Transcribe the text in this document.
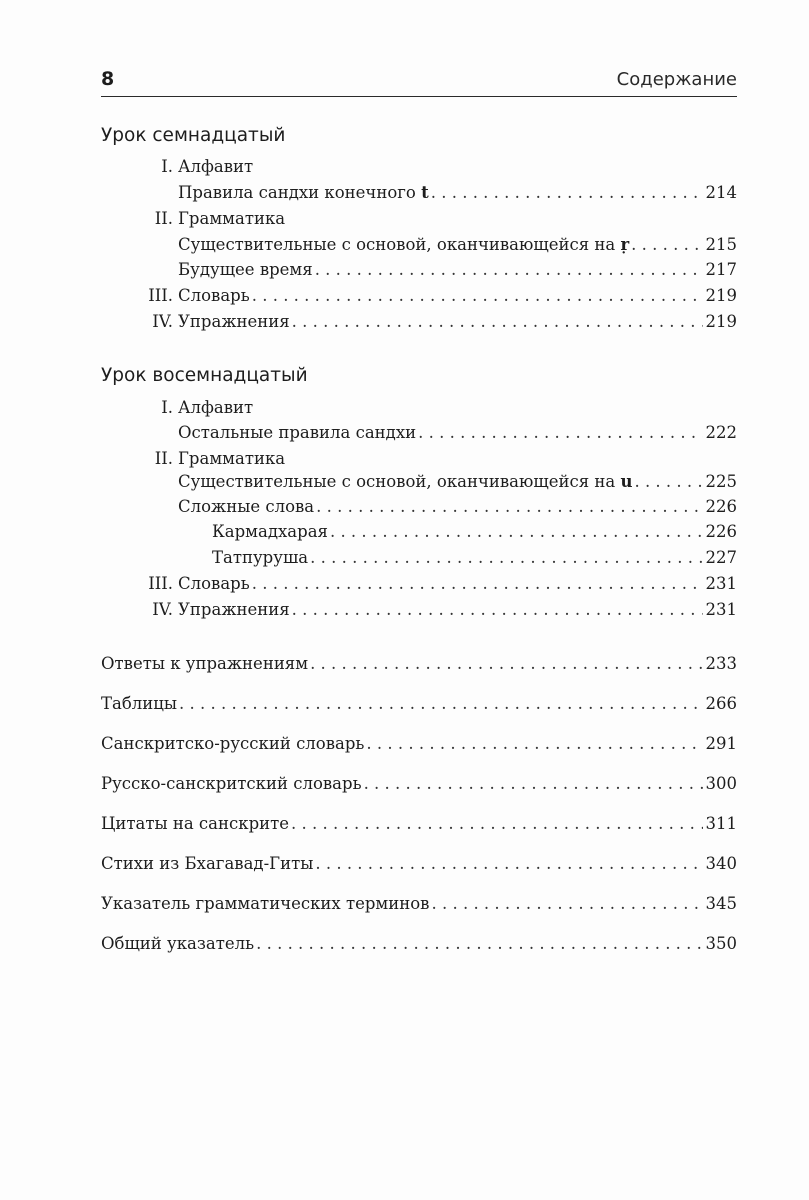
8	Содержание
Урок семнадцатый
I. Алфавит
Правила сандхи конечного t . . .	214
II. Грамматика
Существительные с основой, оканчивающейся на ṛ . . .	215
Будущее время . . .	217
III. Словарь . . .	219
IV. Упражнения . . .	219
Урок восемнадцатый
I. Алфавит
Остальные правила сандхи . . .	222
II. Грамматика
Существительные с основой, оканчивающейся на u . . .	225
Сложные слова . . .	226
Кармадхарая . . .	226
Татпуруша . . .	227
III. Словарь . . .	231
IV. Упражнения . . .	231
Ответы к упражнениям . . .	233
Таблицы . . .	266
Санскритско-русский словарь . . .	291
Русско-санскритский словарь . . .	300
Цитаты на санскрите . . .	311
Стихи из Бхагавад-Гиты . . .	340
Указатель грамматических терминов . . .	345
Общий указатель . . .	350
